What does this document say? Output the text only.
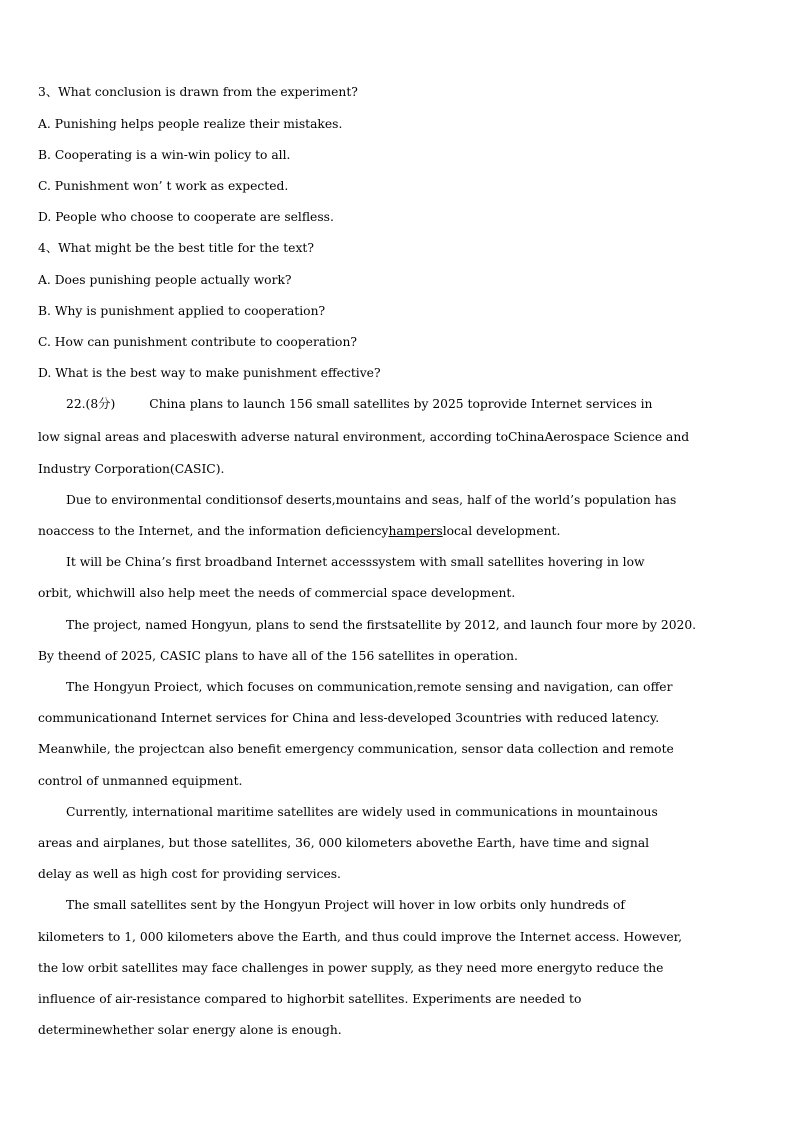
3、What conclusion is drawn from the experiment?
A. Punishing helps people realize their mistakes.
B. Cooperating is a win-win policy to all.
C. Punishment won’ t work as expected.
D. People who choose to cooperate are selfless.
4、What might be the best title for the text?
A. Does punishing people actually work?
B. Why is punishment applied to cooperation?
C. How can punishment contribute to cooperation?
D. What is the best way to make punishment effective?
22.(8分)	China plans to launch 156 small satellites by 2025 toprovide Internet services in
low signal areas and placeswith adverse natural environment, according toChinaAerospace Science and
Industry Corporation(CASIC).
Due to environmental conditionsof deserts,mountains and seas, half of the world’s population has
noaccess to the Internet, and the information deficiencyhamperslocal development.
It will be China’s first broadband Internet accesssystem with small satellites hovering in low
orbit, whichwill also help meet the needs of commercial space development.
The project, named Hongyun, plans to send the firstsatellite by 2012, and launch four more by 2020.
By theend of 2025, CASIC plans to have all of the 156 satellites in operation.
The Hongyun Proiect, which focuses on communication,remote sensing and navigation, can offer
communicationand Internet services for China and less-developed 3countries with reduced latency.
Meanwhile, the projectcan also benefit emergency communication, sensor data collection and remote
control of unmanned equipment.
Currently, international maritime satellites are widely used in communications in mountainous
areas and airplanes, but those satellites, 36, 000 kilometers abovethe Earth, have time and signal
delay as well as high cost for providing services.
The small satellites sent by the Hongyun Project will hover in low orbits only hundreds of
kilometers to 1, 000 kilometers above the Earth, and thus could improve the Internet access. However,
the low orbit satellites may face challenges in power supply, as they need more energyto reduce the
influence of air-resistance compared to highorbit satellites. Experiments are needed to
determinewhether solar energy alone is enough.
